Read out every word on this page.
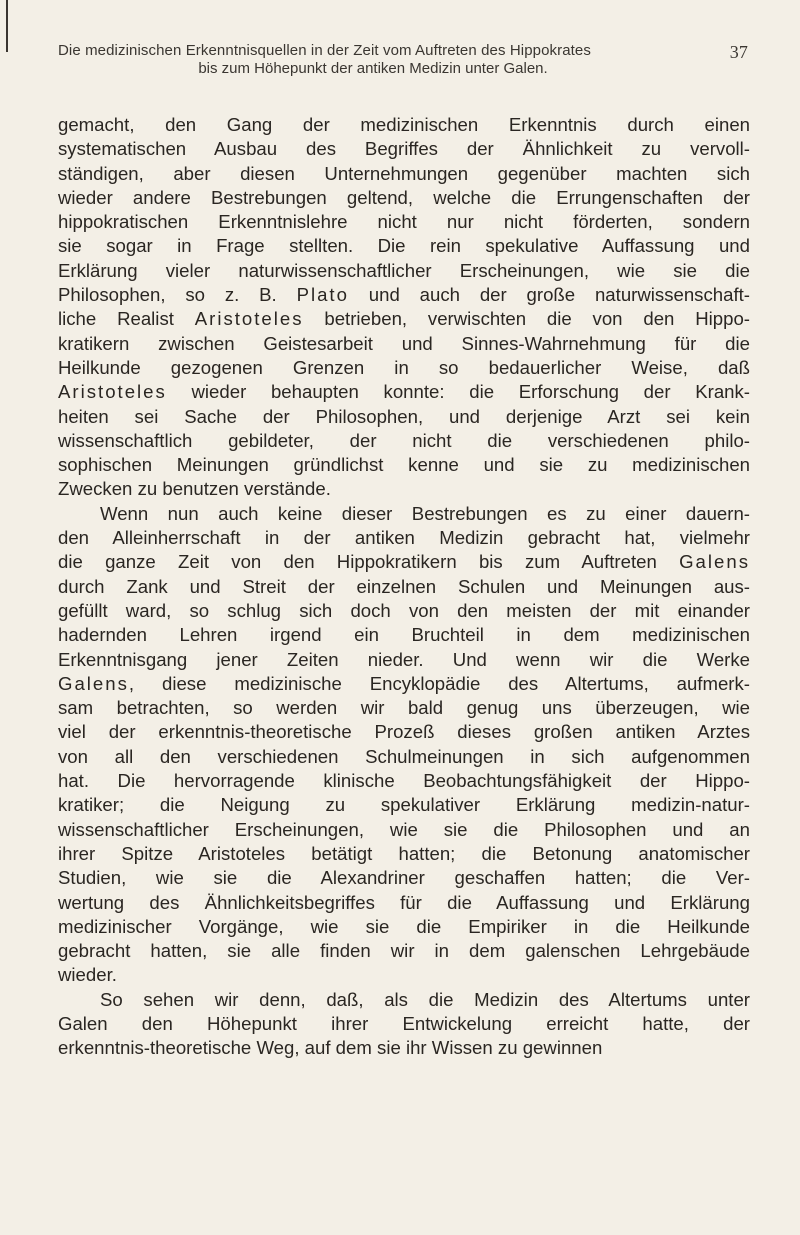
Die medizinischen Erkenntnisquellen in der Zeit vom Auftreten des Hippokrates	37
bis zum Höhepunkt der antiken Medizin unter Galen.
gemacht, den Gang der medizinischen Erkenntnis durch einen
systematischen Ausbau des Begriffes der Ähnlichkeit zu vervoll-
ständigen, aber diesen Unternehmungen gegenüber machten sich
wieder andere Bestrebungen geltend, welche die Errungenschaften der
hippokratischen Erkenntnislehre nicht nur nicht förderten, sondern
sie sogar in Frage stellten. Die rein spekulative Auffassung und
Erklärung vieler naturwissenschaftlicher Erscheinungen, wie sie die
Philosophen, so z. B. Plato und auch der große naturwissenschaft-
liche Realist Aristoteles betrieben, verwischten die von den Hippo-
kratikern zwischen Geistesarbeit und Sinnes-Wahrnehmung für die
Heilkunde gezogenen Grenzen in so bedauerlicher Weise, daß
Aristoteles wieder behaupten konnte: die Erforschung der Krank-
heiten sei Sache der Philosophen, und derjenige Arzt sei kein
wissenschaftlich gebildeter, der nicht die verschiedenen philo-
sophischen Meinungen gründlichst kenne und sie zu medizinischen
Zwecken zu benutzen verstände.
Wenn nun auch keine dieser Bestrebungen es zu einer dauern-
den Alleinherrschaft in der antiken Medizin gebracht hat, vielmehr
die ganze Zeit von den Hippokratikern bis zum Auftreten Galens
durch Zank und Streit der einzelnen Schulen und Meinungen aus-
gefüllt ward, so schlug sich doch von den meisten der mit einander
hadernden Lehren irgend ein Bruchteil in dem medizinischen
Erkenntnisgang jener Zeiten nieder. Und wenn wir die Werke
Galens, diese medizinische Encyklopädie des Altertums, aufmerk-
sam betrachten, so werden wir bald genug uns überzeugen, wie
viel der erkenntnis-theoretische Prozeß dieses großen antiken Arztes
von all den verschiedenen Schulmeinungen in sich aufgenommen
hat. Die hervorragende klinische Beobachtungsfähigkeit der Hippo-
kratiker; die Neigung zu spekulativer Erklärung medizin-natur-
wissenschaftlicher Erscheinungen, wie sie die Philosophen und an
ihrer Spitze Aristoteles betätigt hatten; die Betonung anatomischer
Studien, wie sie die Alexandriner geschaffen hatten; die Ver-
wertung des Ähnlichkeitsbegriffes für die Auffassung und Erklärung
medizinischer Vorgänge, wie sie die Empiriker in die Heilkunde
gebracht hatten, sie alle finden wir in dem galenschen Lehrgebäude
wieder.
So sehen wir denn, daß, als die Medizin des Altertums unter
Galen den Höhepunkt ihrer Entwickelung erreicht hatte, der
erkenntnis-theoretische Weg, auf dem sie ihr Wissen zu gewinnen
